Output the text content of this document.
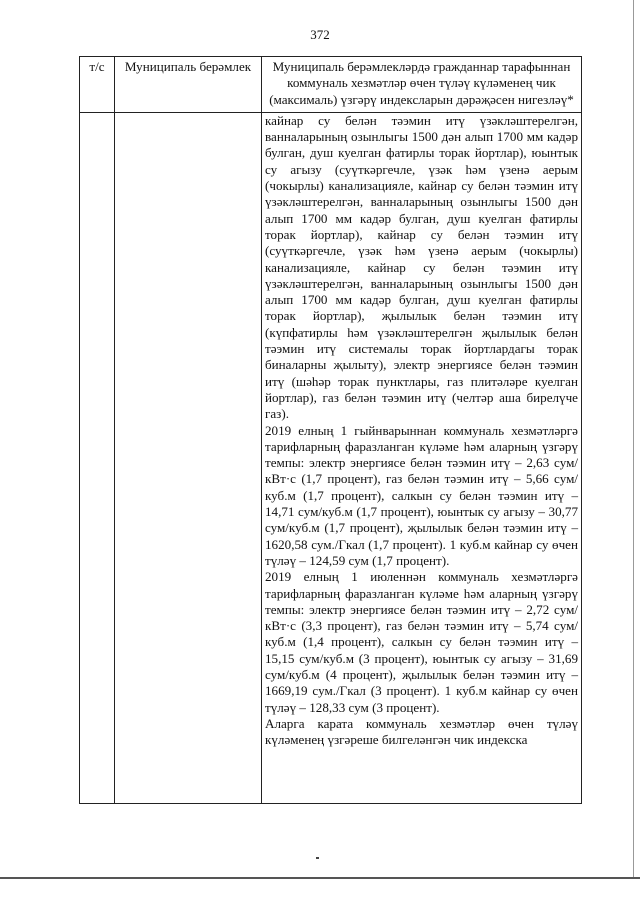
372
т/с	Муниципаль берәмлек	Муниципаль берәмлекләрдә гражданнар тарафыннан коммуналь хезмәтләр өчен түләү күләменең чик (максималь) үзгәрү индексларын дәрәҗәсен нигезләү*

		кайнар су белән тәэмин итү үзәкләштерелгән, ванналарының озынлыгы 1500 дән алып 1700 мм кадәр булган, душ куелган фатирлы торак йортлар), юынтык су агызу (суүткәргечле, үзәк һәм үзенә аерым (чокырлы) канализацияле, кайнар су белән тәэмин итү үзәкләштерелгән, ванналарының озынлыгы 1500 дән алып 1700 мм кадәр булган, душ куелган фатирлы торак йортлар), кайнар су белән тәэмин итү (суүткәргечле, үзәк һәм үзенә аерым (чокырлы) канализацияле, кайнар су белән тәэмин итү үзәкләштерелгән, ванналарының озынлыгы 1500 дән алып 1700 мм кадәр булган, душ куелган фатирлы торак йортлар), җылылык белән тәэмин итү (күпфатирлы һәм үзәкләштерелгән җылылык белән тәэмин итү системалы торак йортлардагы торак биналарны җылыту), электр энергиясе белән тәэмин итү (шәһәр торак пунктлары, газ плитәләре куелган йортлар), газ белән тәэмин итү (челтәр аша бирелүче газ).

2019 елның 1 гыйнварыннан коммуналь хезмәтләргә тарифларның фаразланган күләме һәм аларның үзгәрү темпы: электр энергиясе белән тәэмин итү – 2,63 сум/кВт·с (1,7 процент), газ белән тәэмин итү – 5,66 сум/куб.м (1,7 процент), салкын су белән тәэмин итү – 14,71 сум/куб.м (1,7 процент), юынтык су агызу – 30,77 сум/куб.м (1,7 процент), җылылык белән тәэмин итү – 1620,58 сум./Гкал (1,7 процент). 1 куб.м кайнар су өчен түләү – 124,59 сум (1,7 процент).

2019 елның 1 июленнән коммуналь хезмәтләргә тарифларның фаразланган күләме һәм аларның үзгәрү темпы: электр энергиясе белән тәэмин итү – 2,72 сум/кВт·с (3,3 процент), газ белән тәэмин итү – 5,74 сум/куб.м (1,4 процент), салкын су белән тәэмин итү – 15,15 сум/куб.м (3 процент), юынтык су агызу – 31,69 сум/куб.м (4 процент), җылылык белән тәэмин итү – 1669,19 сум./Гкал (3 процент). 1 куб.м кайнар су өчен түләү – 128,33 сум (3 процент).

Аларга карата коммуналь хезмәтләр өчен түләү күләменең үзгәреше билгеләнгән чик индекска
